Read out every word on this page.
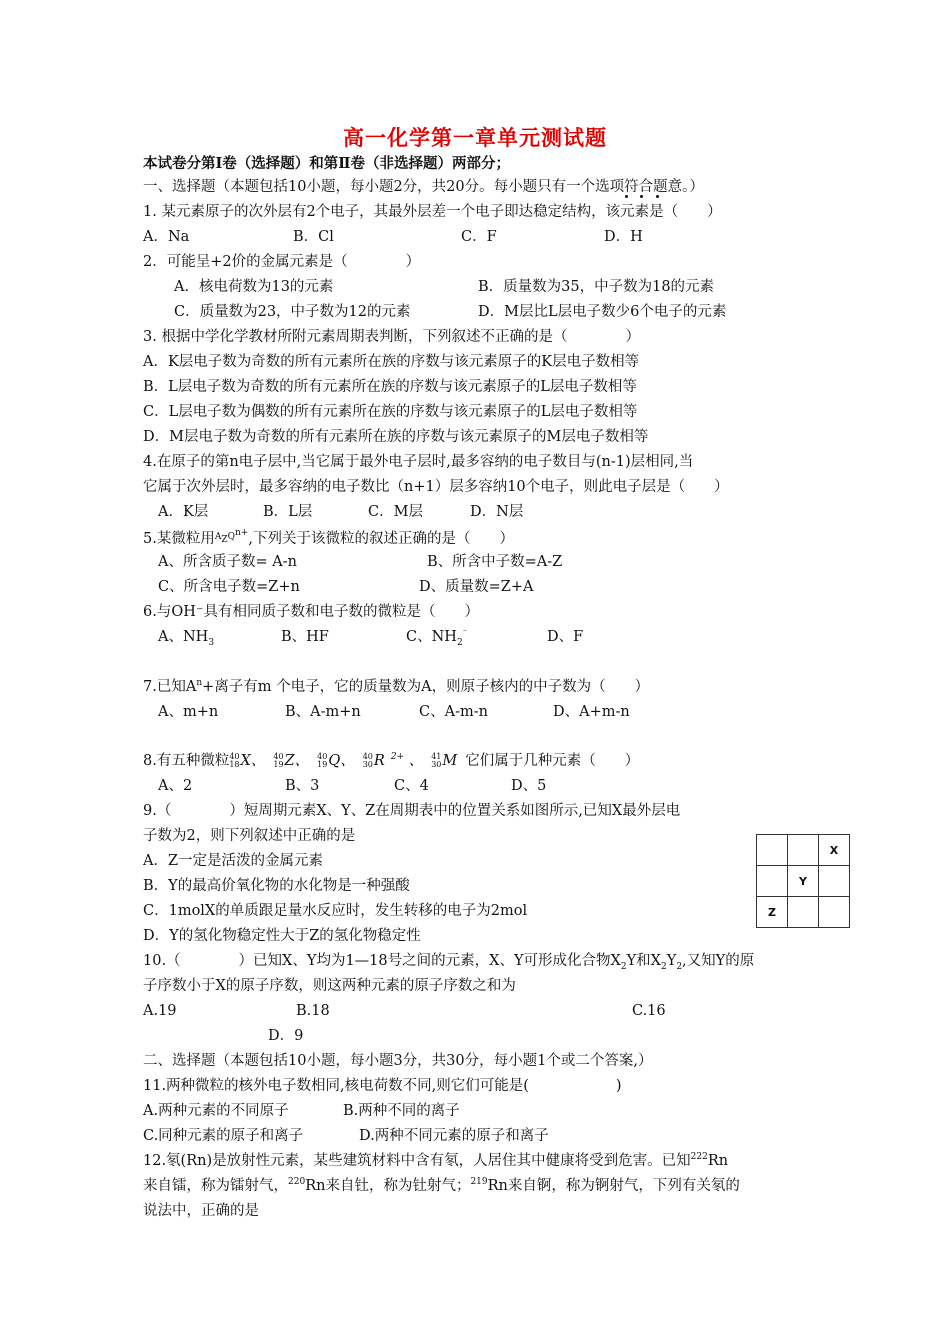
高一化学第一章单元测试题
本试卷分第Ⅰ卷（选择题）和第Ⅱ卷（非选择题）两部分；
一、选择题（本题包括10小题，每小题2分，共20分。每小题只有一个选项符合题意。）
1. 某元素原子的次外层有2个电子，其最外层差一个电子即达稳定结构，该元素是（　　）
A．Na	B．Cl	C．F	D．H
2．可能呈+2价的金属元素是（　　　　）
A．核电荷数为13的元素	B．质量数为35，中子数为18的元素
C．质量数为23，中子数为12的元素	D．M层比L层电子数少6个电子的元素
3. 根据中学化学教材所附元素周期表判断，下列叙述不正确的是（　　　　）
A．K层电子数为奇数的所有元素所在族的序数与该元素原子的K层电子数相等
B．L层电子数为奇数的所有元素所在族的序数与该元素原子的L层电子数相等
C．L层电子数为偶数的所有元素所在族的序数与该元素原子的L层电子数相等
D．M层电子数为奇数的所有元素所在族的序数与该元素原子的M层电子数相等
4.在原子的第n电子层中,当它属于最外电子层时,最多容纳的电子数目与(n-1)层相同,当
它属于次外层时，最多容纳的电子数比（n+1）层多容纳10个电子，则此电子层是（　　）
A．K层	B．L层	C．M层	D．N层
5.某微粒用$^{A_ZQ^{n+}}$,下列关于该微粒的叙述正确的是（　　）
A、所含质子数= A-n	B、所含中子数=A-Z
C、所含电子数=Z+n	D、质量数=Z+A
6.与OH⁻具有相同质子数和电子数的微粒是（　　）
A、$NH_3$	B、HF	C、$NH_2^{^-}$	D、F
7.已知$A^n+$离子有m 个电子，它的质量数为A，则原子核内的中子数为（　　）
A、m+n	B、A-m+n	C、A-m-n	D、A+m-n
8.有五种微粒40
18X、 40
19Z、 40
19Q、 40
30R $^{2+}$ 、 41
30M 它们属于几种元素（　　）
A、2	B、3	C、4	D、5
9.（　　　　）短周期元素X、Y、Z在周期表中的位置关系如图所示,已知X最外层电
子数为2，则下列叙述中正确的是
A．Z一定是活泼的金属元素
B．Y的最高价氧化物的水化物是一种强酸
C．1molX的单质跟足量水反应时，发生转移的电子为2mol
D．Y的氢化物稳定性大于Z的氢化物稳定性
		X
	Y	
Z		
10.（　　　　）已知X、Y均为1—18号之间的元素，X、Y可形成化合物$X_2Y$和$X_2Y_2$,又知Y的原
子序数小于X的原子序数，则这两种元素的原子序数之和为
A.19	B.18	C.16
D．9
二、选择题（本题包括10小题，每小题3分，共30分，每小题1个或二个答案,）
11.两种微粒的核外电子数相同,核电荷数不同,则它们可能是(　　　　　　)
A.两种元素的不同原子	B.两种不同的离子
C.同种元素的原子和离子	D.两种不同元素的原子和离子
12.氡(Rn)是放射性元素，某些建筑材料中含有氡，人居住其中健康将受到危害。已知$^{222}$Rn
来自镭，称为镭射气，$^{220}$Rn来自钍，称为钍射气；$^{219}$Rn来自锕，称为锕射气，下列有关氡的
说法中，正确的是
